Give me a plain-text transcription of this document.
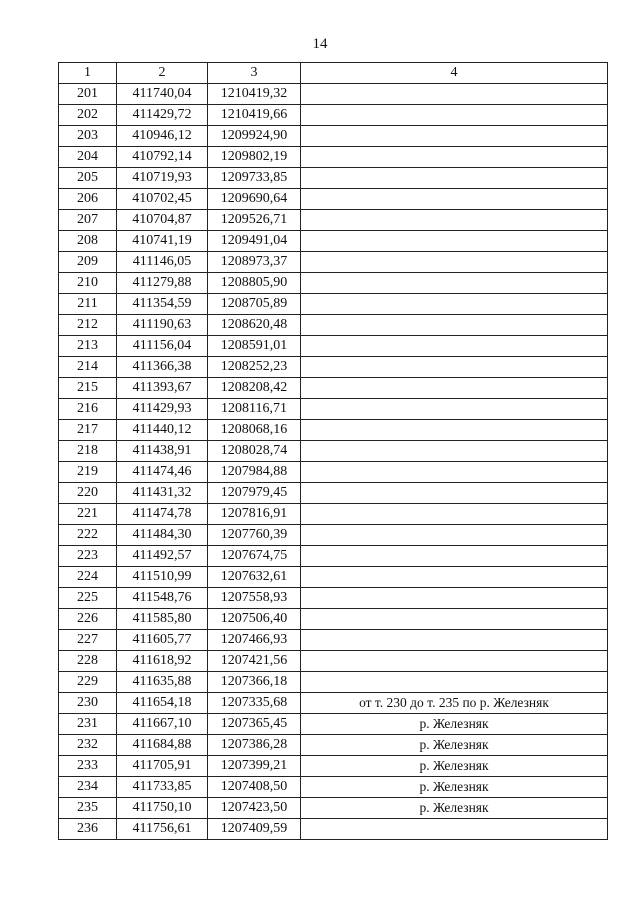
14
1	2	3	4
201	411740,04	1210419,32	
202	411429,72	1210419,66	
203	410946,12	1209924,90	
204	410792,14	1209802,19	
205	410719,93	1209733,85	
206	410702,45	1209690,64	
207	410704,87	1209526,71	
208	410741,19	1209491,04	
209	411146,05	1208973,37	
210	411279,88	1208805,90	
211	411354,59	1208705,89	
212	411190,63	1208620,48	
213	411156,04	1208591,01	
214	411366,38	1208252,23	
215	411393,67	1208208,42	
216	411429,93	1208116,71	
217	411440,12	1208068,16	
218	411438,91	1208028,74	
219	411474,46	1207984,88	
220	411431,32	1207979,45	
221	411474,78	1207816,91	
222	411484,30	1207760,39	
223	411492,57	1207674,75	
224	411510,99	1207632,61	
225	411548,76	1207558,93	
226	411585,80	1207506,40	
227	411605,77	1207466,93	
228	411618,92	1207421,56	
229	411635,88	1207366,18	
230	411654,18	1207335,68	от т. 230 до т. 235 по р. Железняк
231	411667,10	1207365,45	р. Железняк
232	411684,88	1207386,28	р. Железняк
233	411705,91	1207399,21	р. Железняк
234	411733,85	1207408,50	р. Железняк
235	411750,10	1207423,50	р. Железняк
236	411756,61	1207409,59	
